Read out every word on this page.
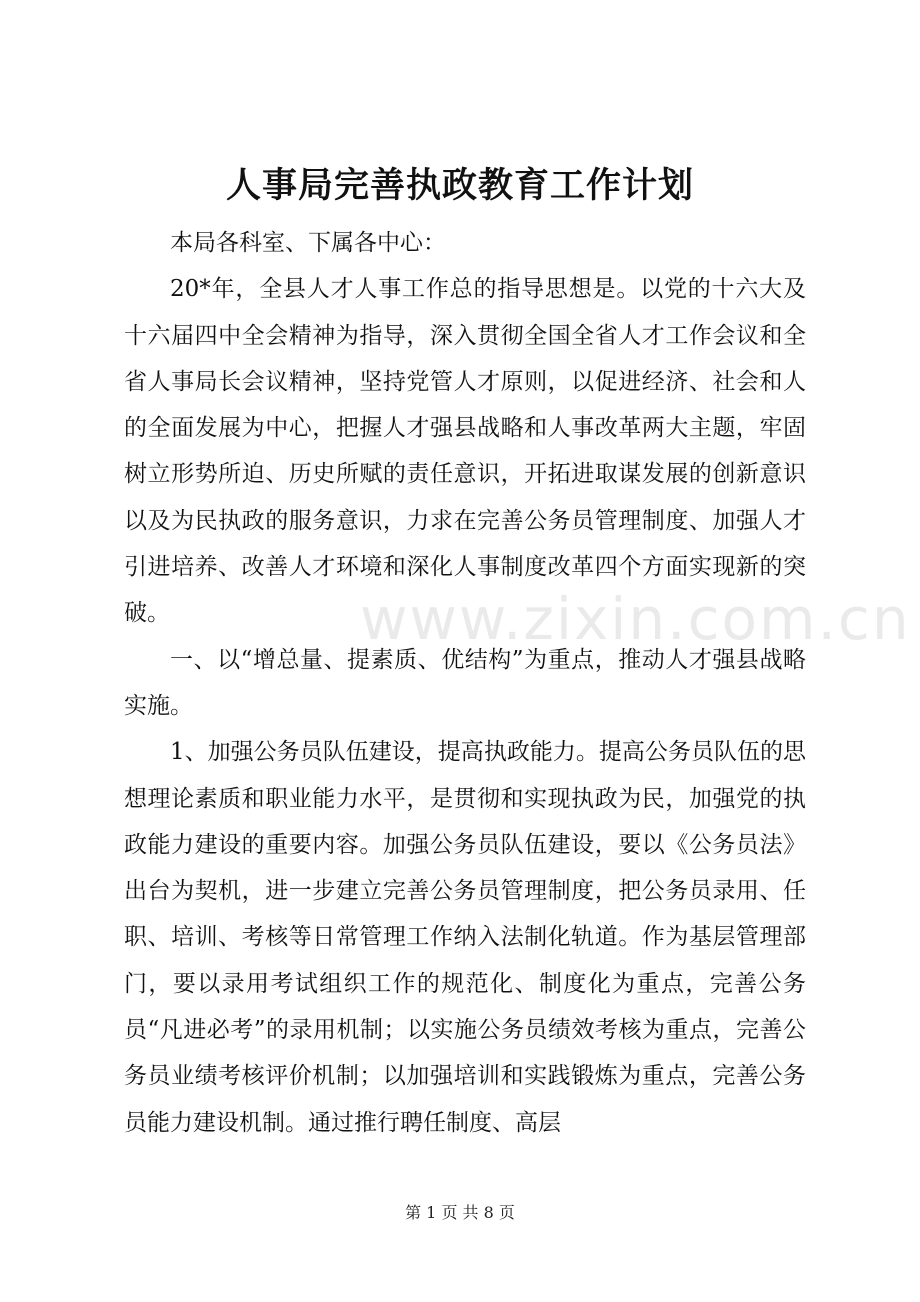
人事局完善执政教育工作计划

本局各科室、下属各中心：

20*年，全县人才人事工作总的指导思想是。以党的十六大及十六届四中全会精神为指导，深入贯彻全国全省人才工作会议和全省人事局长会议精神，坚持党管人才原则，以促进经济、社会和人的全面发展为中心，把握人才强县战略和人事改革两大主题，牢固树立形势所迫、历史所赋的责任意识，开拓进取谋发展的创新意识以及为民执政的服务意识，力求在完善公务员管理制度、加强人才引进培养、改善人才环境和深化人事制度改革四个方面实现新的突破。

一、以“增总量、提素质、优结构”为重点，推动人才强县战略实施。

1、加强公务员队伍建设，提高执政能力。提高公务员队伍的思想理论素质和职业能力水平，是贯彻和实现执政为民，加强党的执政能力建设的重要内容。加强公务员队伍建设，要以《公务员法》出台为契机，进一步建立完善公务员管理制度，把公务员录用、任职、培训、考核等日常管理工作纳入法制化轨道。作为基层管理部门，要以录用考试组织工作的规范化、制度化为重点，完善公务员“凡进必考”的录用机制；以实施公务员绩效考核为重点，完善公务员业绩考核评价机制；以加强培训和实践锻炼为重点，完善公务员能力建设机制。通过推行聘任制度、高层

www.zixin.com.cn
第 1 页 共 8 页
